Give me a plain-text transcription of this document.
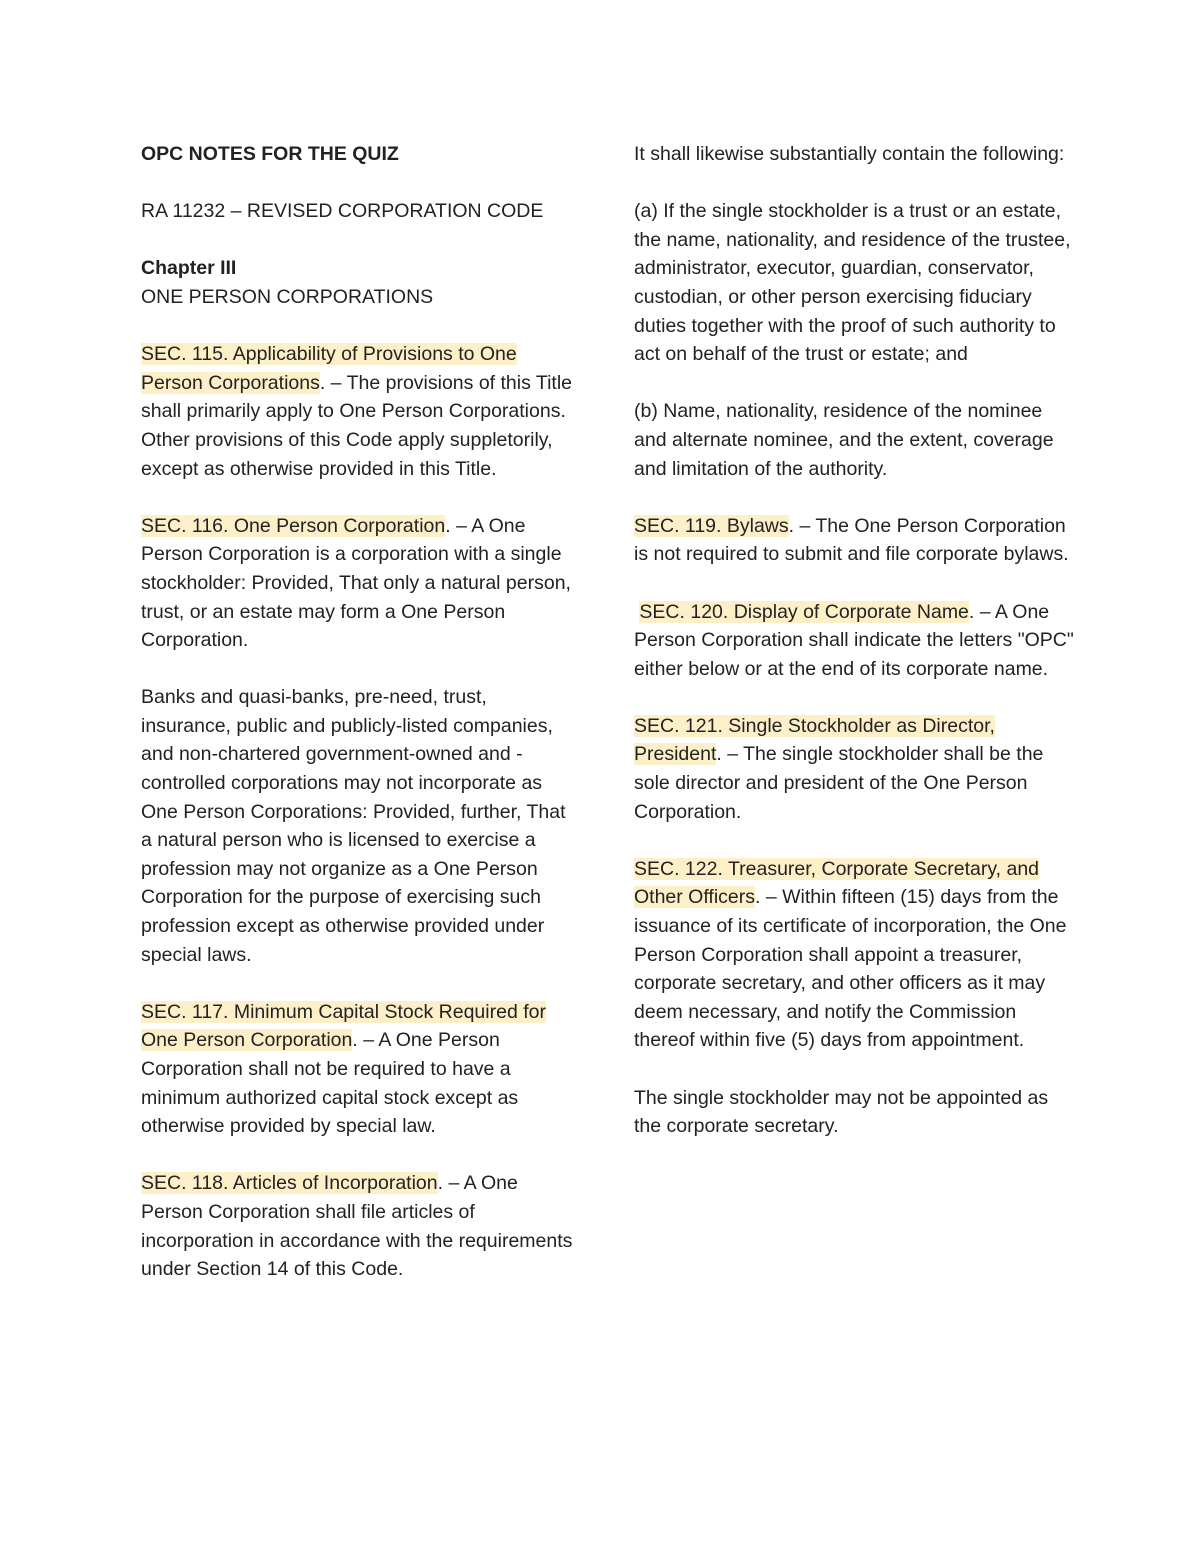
OPC NOTES FOR THE QUIZ

RA 11232 – REVISED CORPORATION CODE

Chapter III
ONE PERSON CORPORATIONS

SEC. 115. Applicability of Provisions to One Person Corporations. – The provisions of this Title shall primarily apply to One Person Corporations. Other provisions of this Code apply suppletorily, except as otherwise provided in this Title.

SEC. 116. One Person Corporation. – A One Person Corporation is a corporation with a single stockholder: Provided, That only a natural person, trust, or an estate may form a One Person Corporation.

Banks and quasi-banks, pre-need, trust, insurance, public and publicly-listed companies, and non-chartered government-owned and -controlled corporations may not incorporate as One Person Corporations: Provided, further, That a natural person who is licensed to exercise a profession may not organize as a One Person Corporation for the purpose of exercising such profession except as otherwise provided under special laws.

SEC. 117. Minimum Capital Stock Required for One Person Corporation. – A One Person Corporation shall not be required to have a minimum authorized capital stock except as otherwise provided by special law.

SEC. 118. Articles of Incorporation. – A One Person Corporation shall file articles of incorporation in accordance with the requirements under Section 14 of this Code.

It shall likewise substantially contain the following:

(a) If the single stockholder is a trust or an estate, the name, nationality, and residence of the trustee, administrator, executor, guardian, conservator, custodian, or other person exercising fiduciary duties together with the proof of such authority to act on behalf of the trust or estate; and

(b) Name, nationality, residence of the nominee and alternate nominee, and the extent, coverage and limitation of the authority.

SEC. 119. Bylaws. – The One Person Corporation is not required to submit and file corporate bylaws.

SEC. 120. Display of Corporate Name. – A One Person Corporation shall indicate the letters "OPC" either below or at the end of its corporate name.

SEC. 121. Single Stockholder as Director, President. – The single stockholder shall be the sole director and president of the One Person Corporation.

SEC. 122. Treasurer, Corporate Secretary, and Other Officers. – Within fifteen (15) days from the issuance of its certificate of incorporation, the One Person Corporation shall appoint a treasurer, corporate secretary, and other officers as it may deem necessary, and notify the Commission thereof within five (5) days from appointment.

The single stockholder may not be appointed as the corporate secretary.
